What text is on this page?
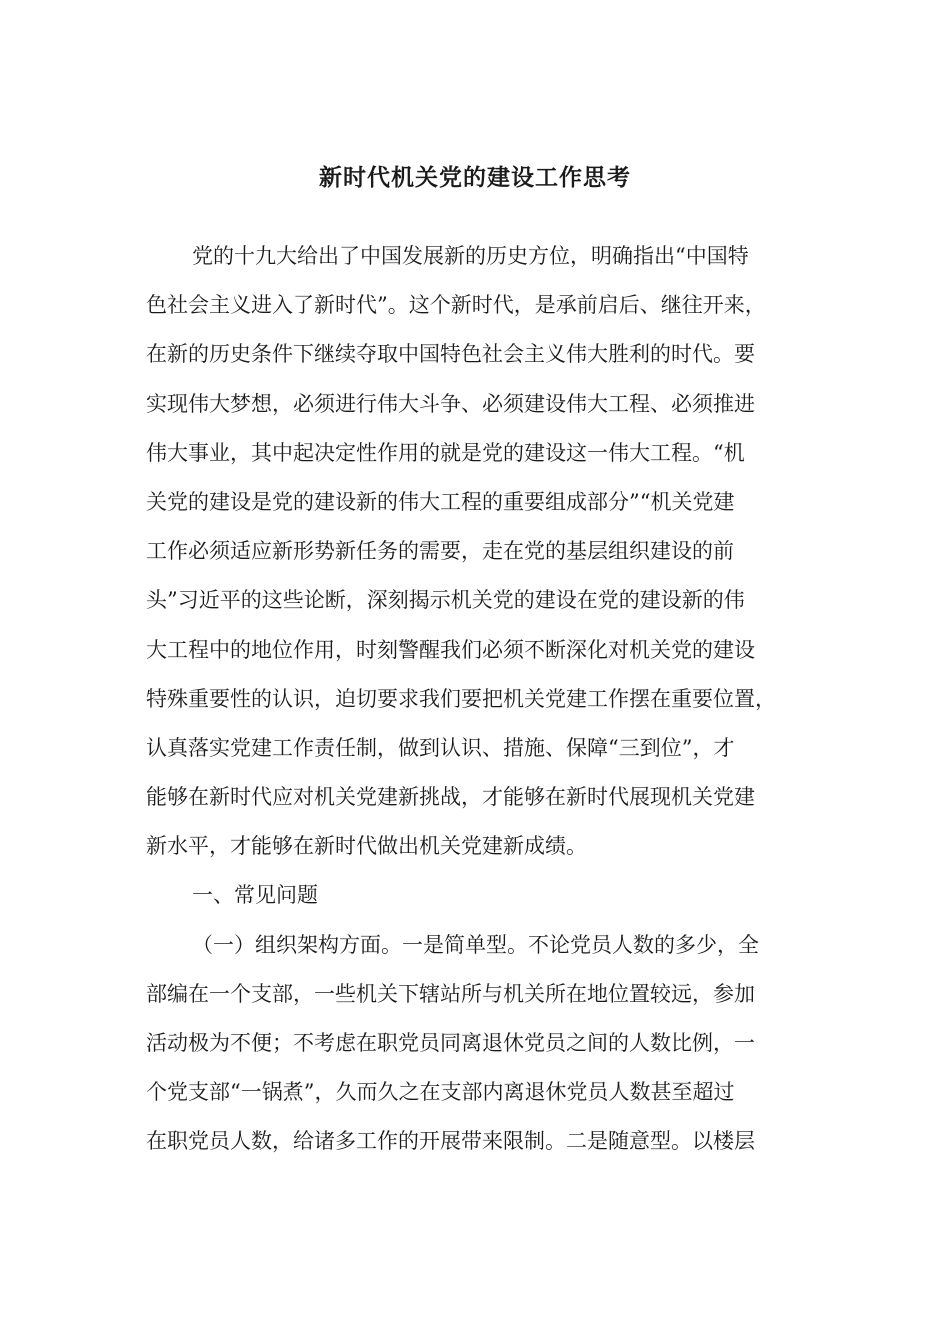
新时代机关党的建设工作思考
党的十九大给出了中国发展新的历史方位，明确指出“中国特
色社会主义进入了新时代”。这个新时代，是承前启后、继往开来，
在新的历史条件下继续夺取中国特色社会主义伟大胜利的时代。要
实现伟大梦想，必须进行伟大斗争、必须建设伟大工程、必须推进
伟大事业，其中起决定性作用的就是党的建设这一伟大工程。“机
关党的建设是党的建设新的伟大工程的重要组成部分”“机关党建
工作必须适应新形势新任务的需要，走在党的基层组织建设的前
头”习近平的这些论断，深刻揭示机关党的建设在党的建设新的伟
大工程中的地位作用，时刻警醒我们必须不断深化对机关党的建设
特殊重要性的认识，迫切要求我们要把机关党建工作摆在重要位置，
认真落实党建工作责任制，做到认识、措施、保障“三到位”，才
能够在新时代应对机关党建新挑战，才能够在新时代展现机关党建
新水平，才能够在新时代做出机关党建新成绩。
一、常见问题
（一）组织架构方面。一是简单型。不论党员人数的多少，全
部编在一个支部，一些机关下辖站所与机关所在地位置较远，参加
活动极为不便；不考虑在职党员同离退休党员之间的人数比例，一
个党支部“一锅煮”，久而久之在支部内离退休党员人数甚至超过
在职党员人数，给诸多工作的开展带来限制。二是随意型。以楼层
